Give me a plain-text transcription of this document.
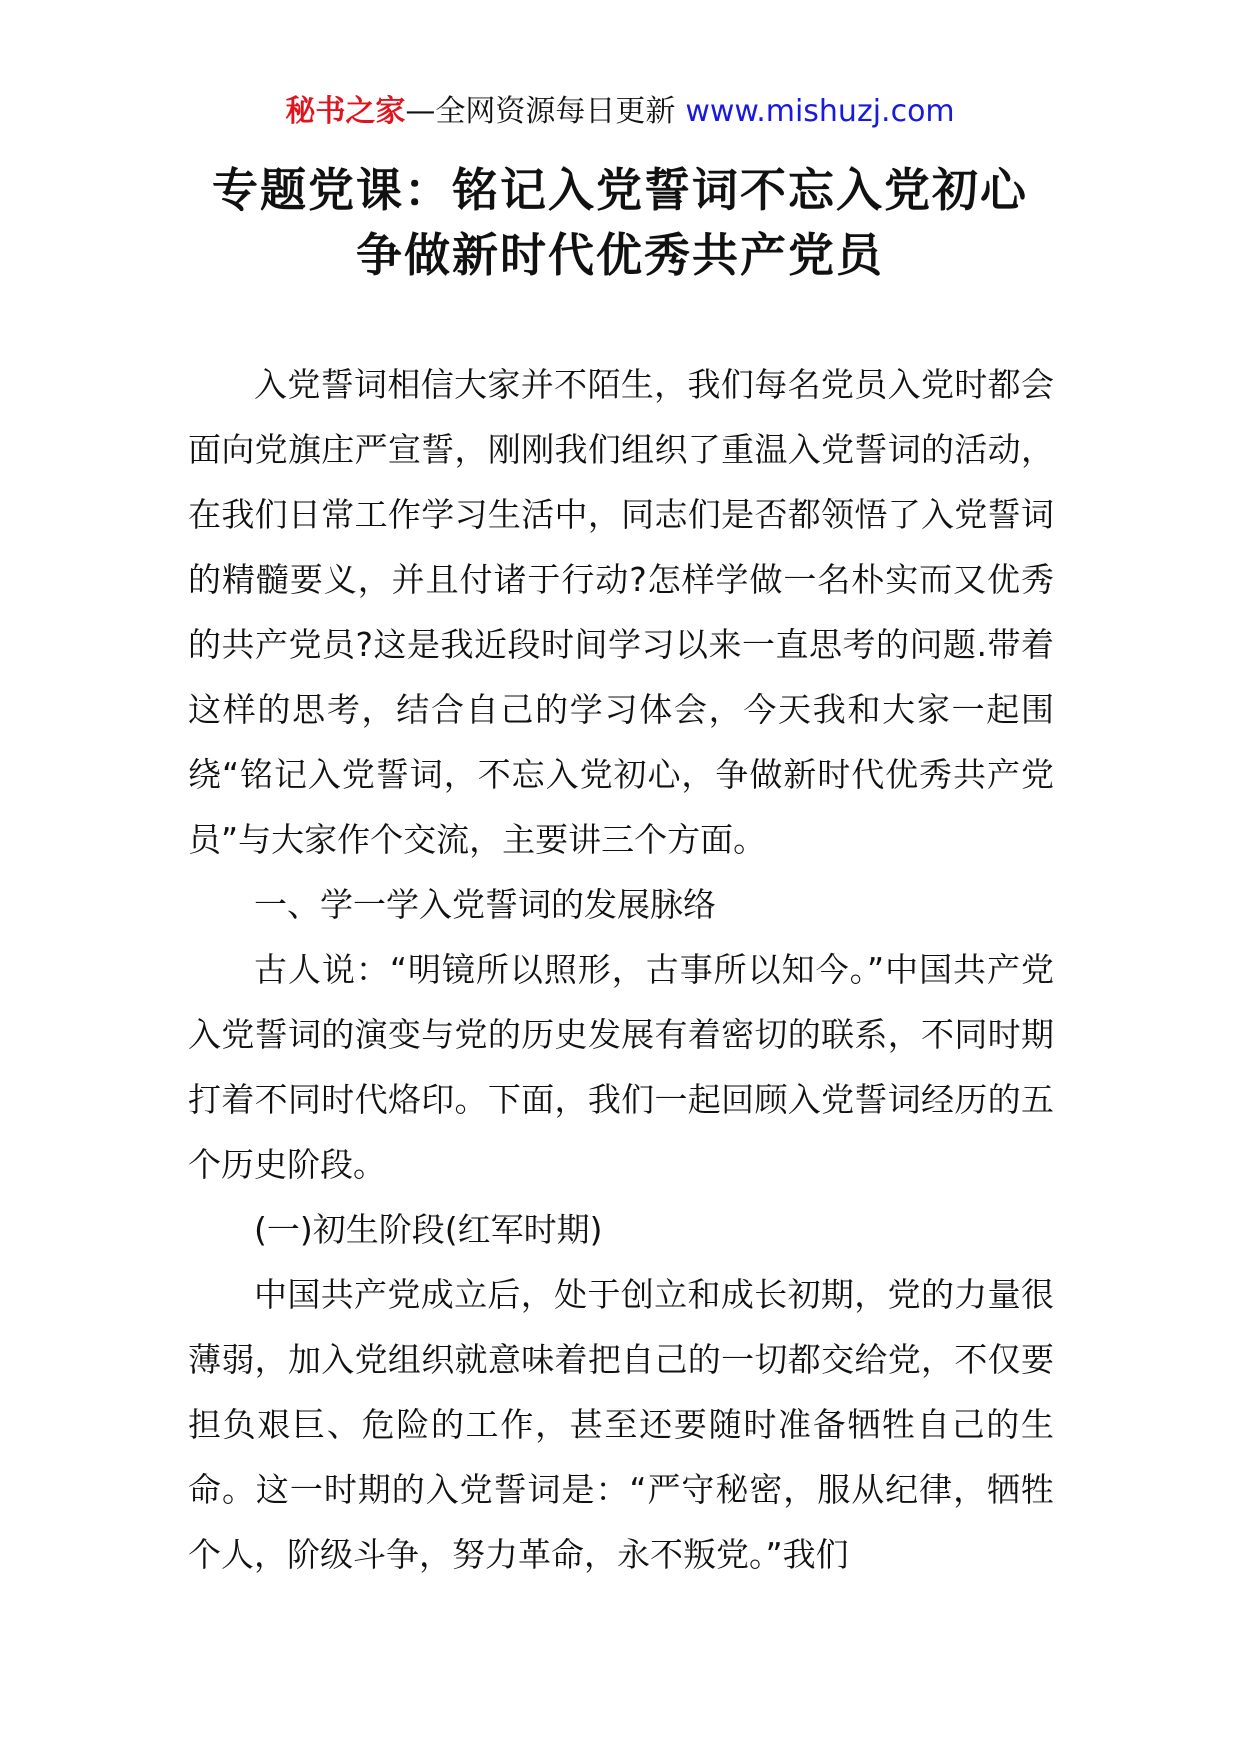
秘书之家—全网资源每日更新 www.mishuzj.com
专题党课：铭记入党誓词不忘入党初心
争做新时代优秀共产党员

入党誓词相信大家并不陌生，我们每名党员入党时都会面向党旗庄严宣誓，刚刚我们组织了重温入党誓词的活动，在我们日常工作学习生活中，同志们是否都领悟了入党誓词的精髓要义，并且付诸于行动?怎样学做一名朴实而又优秀的共产党员?这是我近段时间学习以来一直思考的问题.带着这样的思考，结合自己的学习体会，今天我和大家一起围绕“铭记入党誓词，不忘入党初心，争做新时代优秀共产党员”与大家作个交流，主要讲三个方面。

一、学一学入党誓词的发展脉络

古人说：“明镜所以照形，古事所以知今。”中国共产党入党誓词的演变与党的历史发展有着密切的联系，不同时期打着不同时代烙印。下面，我们一起回顾入党誓词经历的五个历史阶段。

(一)初生阶段(红军时期)

中国共产党成立后，处于创立和成长初期，党的力量很薄弱，加入党组织就意味着把自己的一切都交给党，不仅要担负艰巨、危险的工作，甚至还要随时准备牺牲自己的生命。这一时期的入党誓词是：“严守秘密，服从纪律，牺牲个人，阶级斗争，努力革命，永不叛党。”我们
